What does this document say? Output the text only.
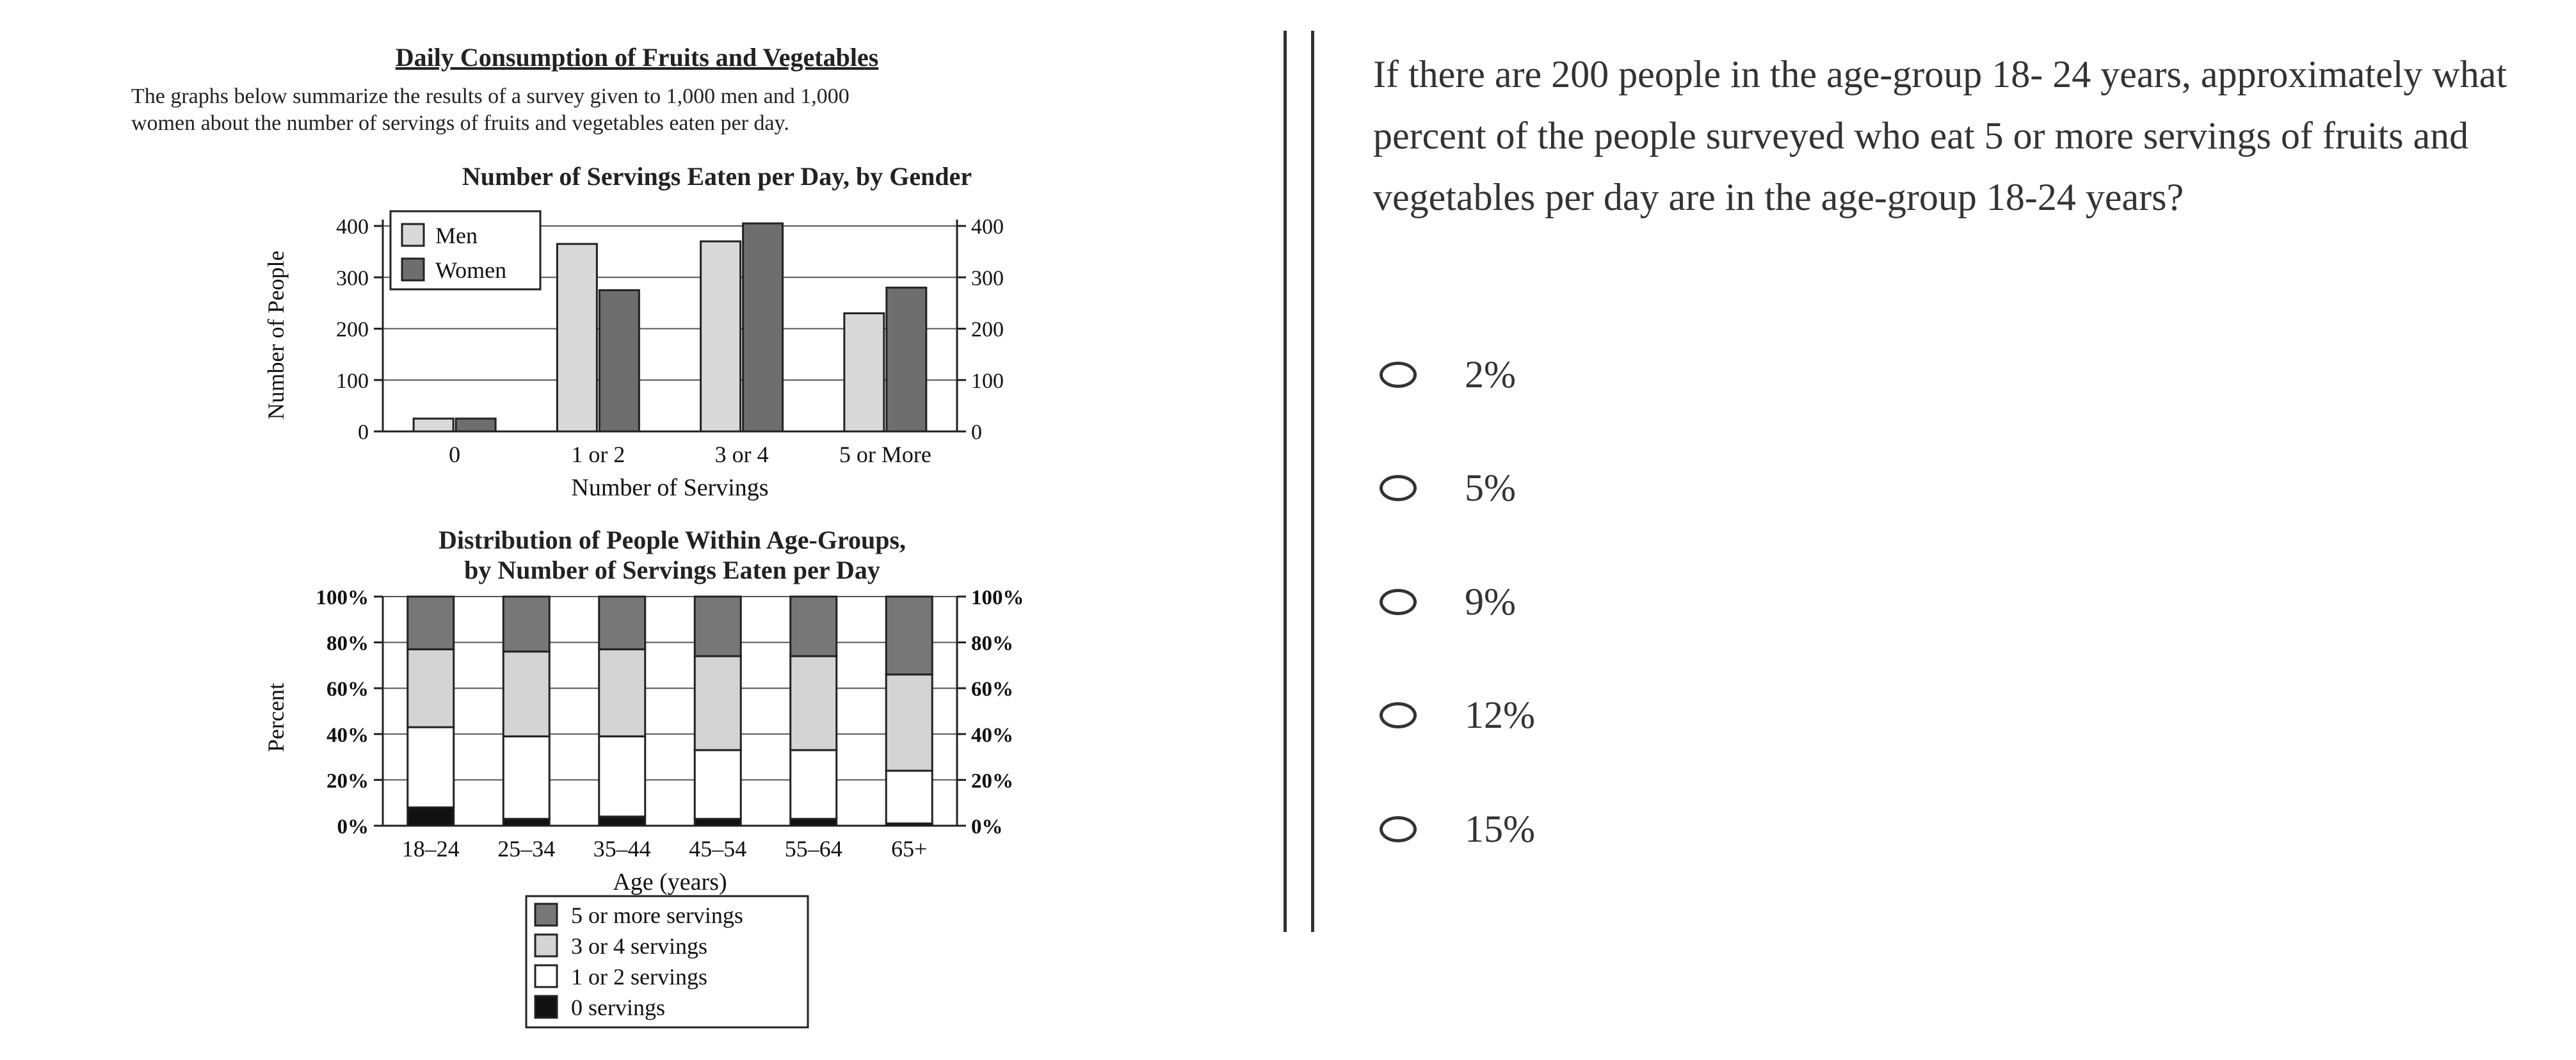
Daily Consumption of Fruits and Vegetables
The graphs below summarize the results of a survey given to 1,000 men and 1,000
women about the number of servings of fruits and vegetables eaten per day.
Number of Servings Eaten per Day, by Gender
0	0
100	100
200	200
300	300
400	400
0	1 or 2	3 or 4	5 or More
Number of Servings
Number of People
Men
Women
Distribution of People Within Age-Groups,
by Number of Servings Eaten per Day
0%	0%
20%	20%
40%	40%
60%	60%
80%	80%
100%	100%
18–24 25–34 35–44 45–54 55–64 65+
Age (years)
Percent
5 or more servings
3 or 4 servings
1 or 2 servings
0 servings

If there are 200 people in the age-group 18- 24 years, approximately what percent of the people surveyed who eat 5 or more servings of fruits and vegetables per day are in the age-group 18-24 years?

2%
5%
9%
12%
15%
